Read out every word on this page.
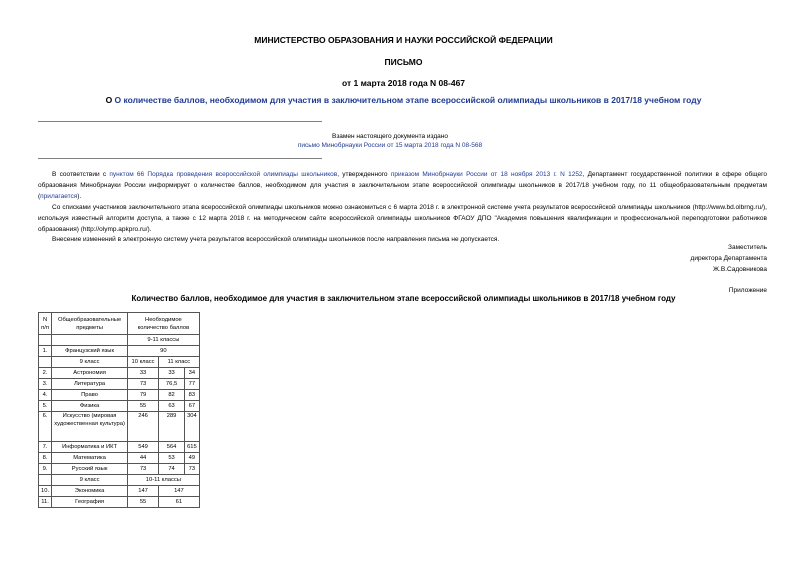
МИНИСТЕРСТВО ОБРАЗОВАНИЯ И НАУКИ РОССИЙСКОЙ ФЕДЕРАЦИИ
ПИСЬМО
от 1 марта 2018 года N 08-467
О О количестве баллов, необходимом для участия в заключительном этапе всероссийской олимпиады школьников в 2017/18 учебном году
Взамен настоящего документа издано
письмо Минобрнауки России от 15 марта 2018 года N 08-568
В соответствии с пунктом 66 Порядка проведения всероссийской олимпиады школьников, утвержденного приказом Минобрнауки России от 18 ноября 2013 г. N 1252, Департамент государственной политики в сфере общего образования Минобрнауки России информирует о количестве баллов, необходимом для участия в заключительном этапе всероссийской олимпиады школьников в 2017/18 учебном году, по 11 общеобразовательным предметам (прилагается).
Со списками участников заключительного этапа всероссийской олимпиады школьников можно ознакомиться с 6 марта 2018 г. в электронной системе учета результатов всероссийской олимпиады школьников (http://www.bd.olbrng.ru/), используя известный алгоритм доступа, а также с 12 марта 2018 г. на методическом сайте всероссийской олимпиады школьников ФГАОУ ДПО "Академия повышения квалификации и профессиональной переподготовки работников образования) (http://olymp.apkpro.ru/).
Внесение изменений в электронную систему учета результатов всероссийской олимпиады школьников после направления письма не допускается.
Заместитель
директора Департамента
Ж.В.Садовникова
Приложение
Количество баллов, необходимое для участия в заключительном этапе всероссийской олимпиады школьников в 2017/18 учебном году
N п/п	Общеобразовательные предметы	Необходимое количество баллов		
		9-11 классы		
1.	Французский язык	90		
	9 класс	10 класс	11 класс	
2.	Астрономия	33	33	34
3.	Литература	73	76,5	77
4.	Право	79	82	83
5.	Физика	55	63	67
6.	Искусство (мировая художественная культура)	246	289	304
7.	Информатика и ИКТ	549	564	615
8.	Математика	44	53	49
9.	Русский язык	73	74	73
	9 класс	10-11 классы		
10.	Экономика	147	147	
11.	География	55	61	
